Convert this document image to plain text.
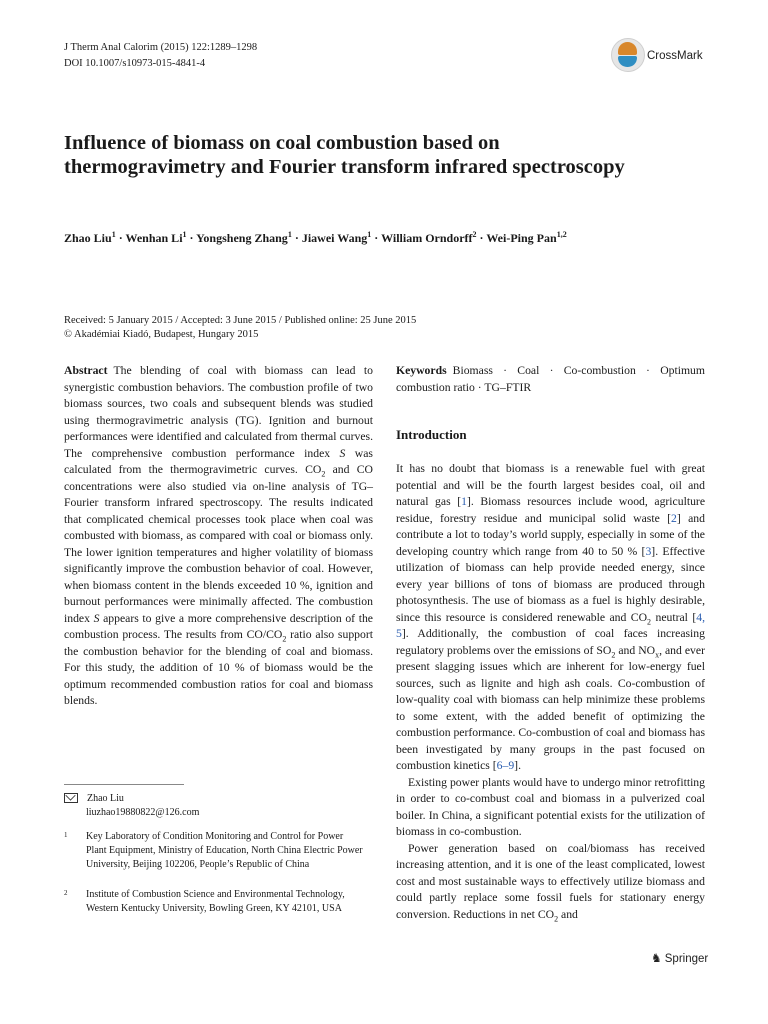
J Therm Anal Calorim (2015) 122:1289–1298
DOI 10.1007/s10973-015-4841-4
CrossMark
Influence of biomass on coal combustion based on thermogravimetry and Fourier transform infrared spectroscopy

Zhao Liu$^1$ · Wenhan $Li^1$ · Yongsheng Zhang$^1$ · Jiawei Wang$^1$ · William Orndorff$^2$ · Wei-Ping Pan$^{1,2}$

Received: 5 January 2015 / Accepted: 3 June 2015 / Published online: 25 June 2015
© Akadémiai Kiadó, Budapest, Hungary 2015

Abstract The blending of coal with biomass can lead to synergistic combustion behaviors. The combustion profile of two biomass sources, two coals and subsequent blends was studied using thermogravimetric analysis (TG). Ignition and burnout performances were identified and calculated from thermal curves. The comprehensive combustion performance index S was calculated from the thermogravimetric curves. $CO_2$ and CO concentrations were also studied via on-line analysis of TG–Fourier transform infrared spectroscopy. The results indicated that complicated chemical processes took place when coal was combusted with biomass, as compared with coal or biomass only. The lower ignition temperatures and higher volatility of biomass significantly improve the combustion behavior of coal. However, when biomass content in the blends exceeded 10 %, ignition and burnout performances were minimally affected. The combustion index S appears to give a more comprehensive description of the combustion process. The results from $CO/CO_2$ ratio also support the combustion behavior for the blending of coal and biomass. For this study, the addition of 10 % of biomass would be the optimum recommended combustion ratios for coal and biomass blends.

Zhao Liu
liuzhao19880822@126.com
1 Key Laboratory of Condition Monitoring and Control for Power Plant Equipment, Ministry of Education, North China Electric Power University, Beijing 102206, People’s Republic of China
2 Institute of Combustion Science and Environmental Technology, Western Kentucky University, Bowling Green, KY 42101, USA

Keywords Biomass · Coal · Co-combustion · Optimum combustion ratio · TG–FTIR

Introduction

It has no doubt that biomass is a renewable fuel with great potential and will be the fourth largest besides coal, oil and natural gas [1]. Biomass resources include wood, agriculture residue, forestry residue and municipal solid waste [2] and contribute a lot to today’s world supply, especially in some of the developing country which range from 40 to 50 % [3]. Effective utilization of biomass can help provide needed energy, since every year billions of tons of biomass are produced through photosynthesis. The use of biomass as a fuel is highly desirable, since this resource is considered renewable and $CO_2$ neutral [4, 5]. Additionally, the combustion of coal faces increasing regulatory problems over the emissions of $SO_2$ and $NO_x$, and ever present slagging issues which are inherent for low-energy fuel sources, such as lignite and high ash coals. Co-combustion of low-quality coal with biomass can help minimize these problems to some extent, with the added benefit of optimizing the combustion performance. Co-combustion of coal and biomass has been investigated by many groups in the past focused on combustion kinetics [6–9].

Existing power plants would have to undergo minor retrofitting in order to co-combust coal and biomass in a pulverized coal boiler. In China, a significant potential exists for the utilization of biomass in co-combustion.

Power generation based on coal/biomass has received increasing attention, and it is one of the least complicated, lowest cost and most sustainable ways to effectively utilize biomass and could partly replace some fossil fuels for stationary energy conversion. Reductions in net $CO_2$ and

♞ Springer
